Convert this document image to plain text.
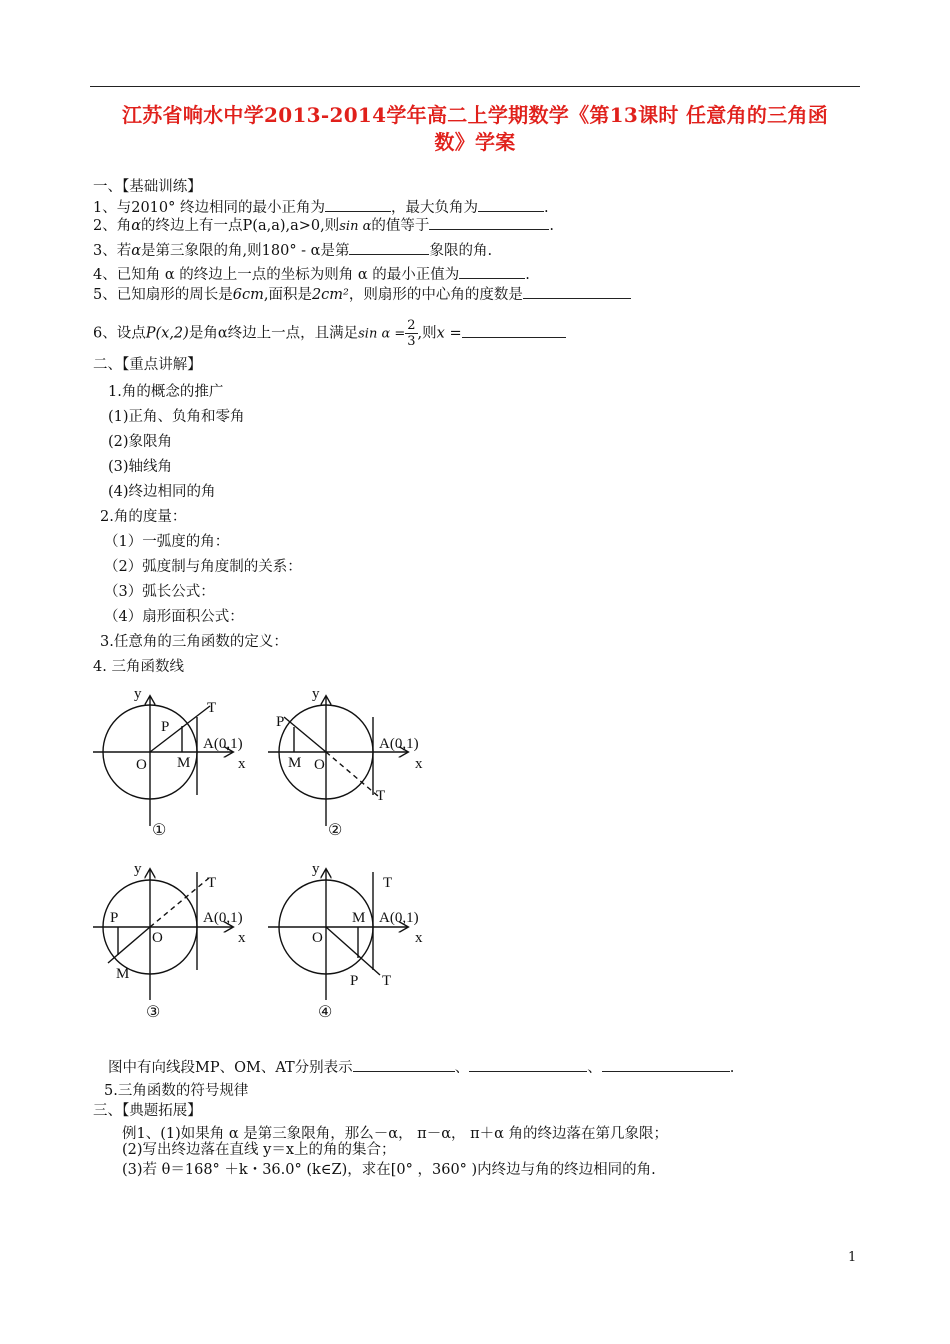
江苏省响水中学2013-2014学年高二上学期数学《第13课时 任意角的三角函
数》学案
一、【基础训练】
1、与2010° 终边相同的最小正角为	，最大负角为	.
2、角α的终边上有一点P(a,a),a>0,则sin α的值等于	.
3、若α是第三象限的角,则180° - α是第	象限的角.
4、已知角 α 的终边上一点的坐标为则角 α 的最小正值为	.
5、已知扇形的周长是6cm,面积是2cm²，则扇形的中心角的度数是
6、设点P(x,2)是角α终边上一点，且满足$\sin \alpha = \frac{2}{3}$ ,则x =
二、【重点讲解】
1.角的概念的推广
(1)正角、负角和零角
(2)象限角
(3)轴线角
(4)终边相同的角
2.角的度量：
（1）一弧度的角：
（2）弧度制与角度制的关系：
（3）弧长公式：
（4）扇形面积公式：
3.任意角的三角函数的定义：
4. 三角函数线
y
T
P
A(0,1)
O M	x
y
P
A(0,1)
M O	x
T
y
T
P	A(0,1)
O	x
M
y
T
M A(0,1)
O	x
P T
①	②
③	④
图中有向线段MP、OM、AT分别表示	、	、	.
5.三角函数的符号规律
三、【典题拓展】
例1、(1)如果角 α 是第三象限角，那么－α， π－α， π＋α 角的终边落在第几象限；
(2)写出终边落在直线 y＝x上的角的集合；
(3)若 θ＝168° ＋k・36.0° (k∈Z)，求在[0° ，360° )内终边与角的终边相同的角.
1
